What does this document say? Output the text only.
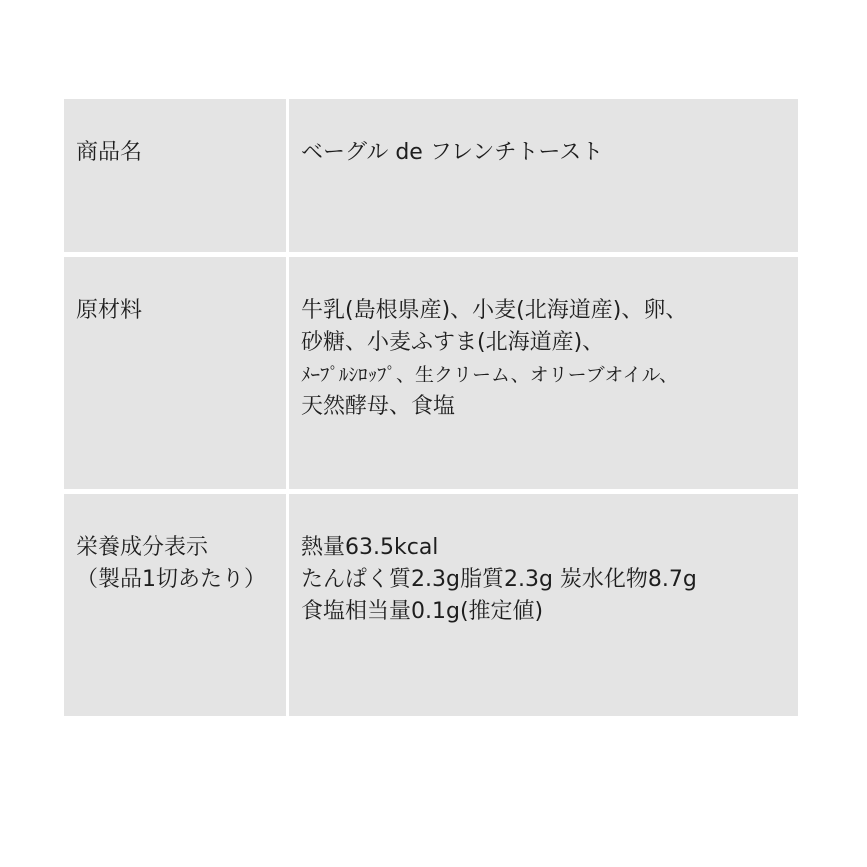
商品名	ベーグル de フレンチトースト

原材料	牛乳(島根県産)、小麦(北海道産)、卵、
砂糖、小麦ふすま(北海道産)、
ﾒｰﾌﾟﾙｼﾛｯﾌﾟ、生クリーム、オリーブオイル、
天然酵母、食塩

栄養成分表示
（製品1切あたり）	熱量63.5kcal
たんぱく質2.3g脂質2.3g 炭水化物8.7g
食塩相当量0.1g(推定値)
